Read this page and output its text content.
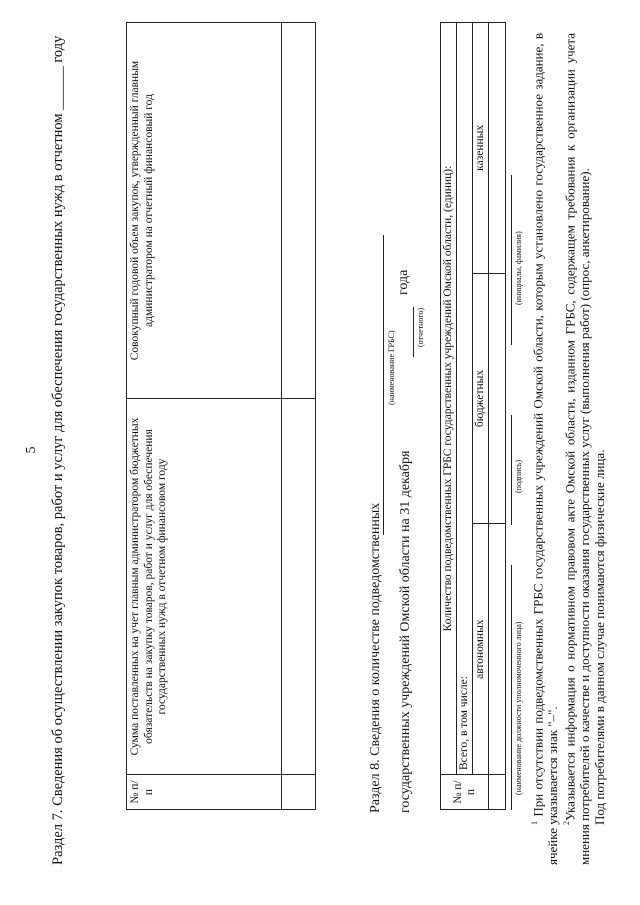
5 Раздел 7. Сведения об осуществлении закупок товаров, работ и услуг для обеспечения государственных нужд в отчетном ______ году	№ п/п	Сумма поставленных на учет главным администратором бюджетных обязательств на закупку товаров, работ и услуг для обеспечения государственных нужд в отчетном финансовом году	Совокупный годовой объем закупок, утвержденный главным администратором на отчетный финансовый год

Раздел 8. Сведения о количестве подведомственных
(наименование ГРБС)
государственных учреждений Омской области на 31 декабря
(отчетного)
года
№ п/п	Количество подведомственных ГРБС государственных учреждений Омской области, (единиц):		
	Всего, в том числе:		
	автономных	бюджетных	казенных

(наименование должности уполномоченного лица)
(подпись)
(инициалы, фамилия)

$^1$ При отсутствии подведомственных ГРБС государственных учреждений Омской области, которым установлено государственное задание, в ячейке указывается знак "–". $^2$Указывается информация о нормативном правовом акте Омской области, изданном ГРБС, содержащем требования к организации учета мнения потребителей о качестве и доступности оказания государственных услуг (выполнения работ) (опрос, анкетирование). Под потребителями в данном случае понимаются физические лица.
